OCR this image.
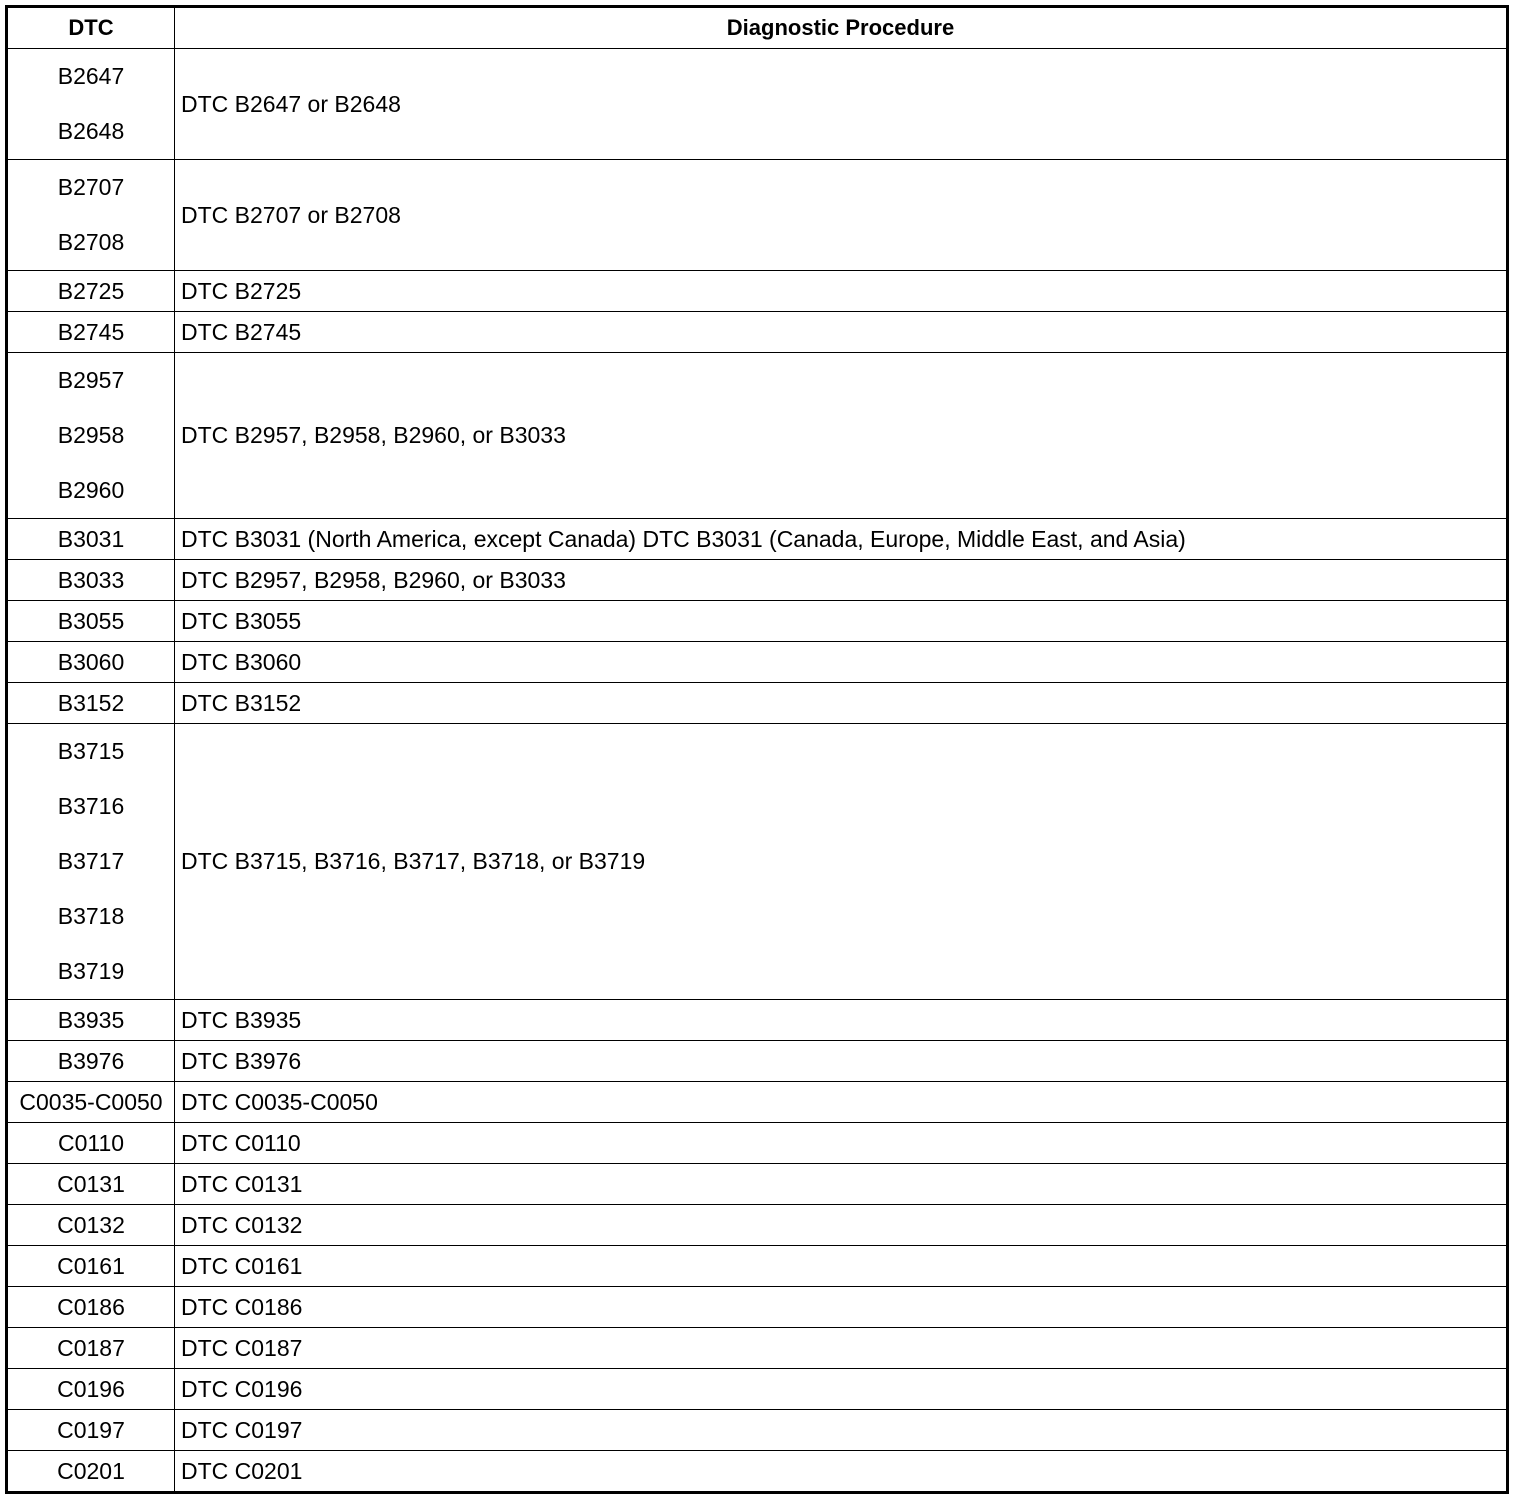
DTC	Diagnostic Procedure

B2647
B2648	DTC B2647 or B2648

B2707
B2708	DTC B2707 or B2708
B2725	DTC B2725
B2745	DTC B2745

B2957
B2958
B2960	DTC B2957, B2958, B2960, or B3033
B3031	DTC B3031 (North America, except Canada) DTC B3031 (Canada, Europe, Middle East, and Asia)
B3033	DTC B2957, B2958, B2960, or B3033
B3055	DTC B3055
B3060	DTC B3060
B3152	DTC B3152

B3715
B3716
B3717
B3718
B3719	DTC B3715, B3716, B3717, B3718, or B3719
B3935	DTC B3935
B3976	DTC B3976
C0035-C0050	DTC C0035-C0050
C0110	DTC C0110
C0131	DTC C0131
C0132	DTC C0132
C0161	DTC C0161
C0186	DTC C0186
C0187	DTC C0187
C0196	DTC C0196
C0197	DTC C0197
C0201	DTC C0201
